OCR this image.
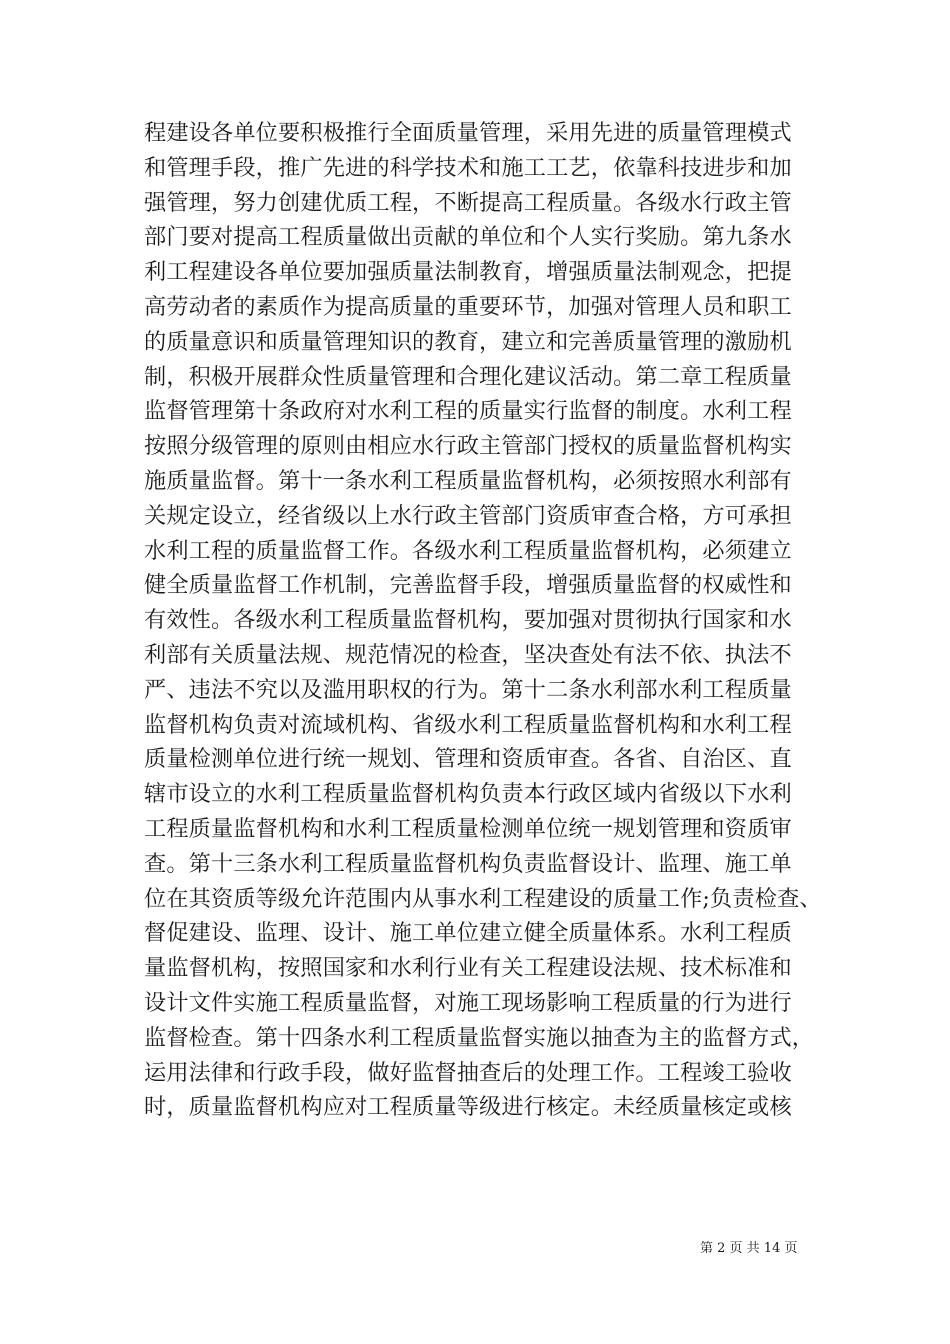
程建设各单位要积极推行全面质量管理，采用先进的质量管理模式
和管理手段，推广先进的科学技术和施工工艺，依靠科技进步和加
强管理，努力创建优质工程，不断提高工程质量。各级水行政主管
部门要对提高工程质量做出贡献的单位和个人实行奖励。第九条水
利工程建设各单位要加强质量法制教育，增强质量法制观念，把提
高劳动者的素质作为提高质量的重要环节，加强对管理人员和职工
的质量意识和质量管理知识的教育，建立和完善质量管理的激励机
制，积极开展群众性质量管理和合理化建议活动。第二章工程质量
监督管理第十条政府对水利工程的质量实行监督的制度。水利工程
按照分级管理的原则由相应水行政主管部门授权的质量监督机构实
施质量监督。第十一条水利工程质量监督机构，必须按照水利部有
关规定设立，经省级以上水行政主管部门资质审查合格，方可承担
水利工程的质量监督工作。各级水利工程质量监督机构，必须建立
健全质量监督工作机制，完善监督手段，增强质量监督的权威性和
有效性。各级水利工程质量监督机构，要加强对贯彻执行国家和水
利部有关质量法规、规范情况的检查，坚决查处有法不依、执法不
严、违法不究以及滥用职权的行为。第十二条水利部水利工程质量
监督机构负责对流域机构、省级水利工程质量监督机构和水利工程
质量检测单位进行统一规划、管理和资质审查。各省、自治区、直
辖市设立的水利工程质量监督机构负责本行政区域内省级以下水利
工程质量监督机构和水利工程质量检测单位统一规划管理和资质审
查。第十三条水利工程质量监督机构负责监督设计、监理、施工单
位在其资质等级允许范围内从事水利工程建设的质量工作;负责检查、
督促建设、监理、设计、施工单位建立健全质量体系。水利工程质
量监督机构，按照国家和水利行业有关工程建设法规、技术标准和
设计文件实施工程质量监督，对施工现场影响工程质量的行为进行
监督检查。第十四条水利工程质量监督实施以抽查为主的监督方式，
运用法律和行政手段，做好监督抽查后的处理工作。工程竣工验收
时，质量监督机构应对工程质量等级进行核定。未经质量核定或核
第 2 页 共 14 页
